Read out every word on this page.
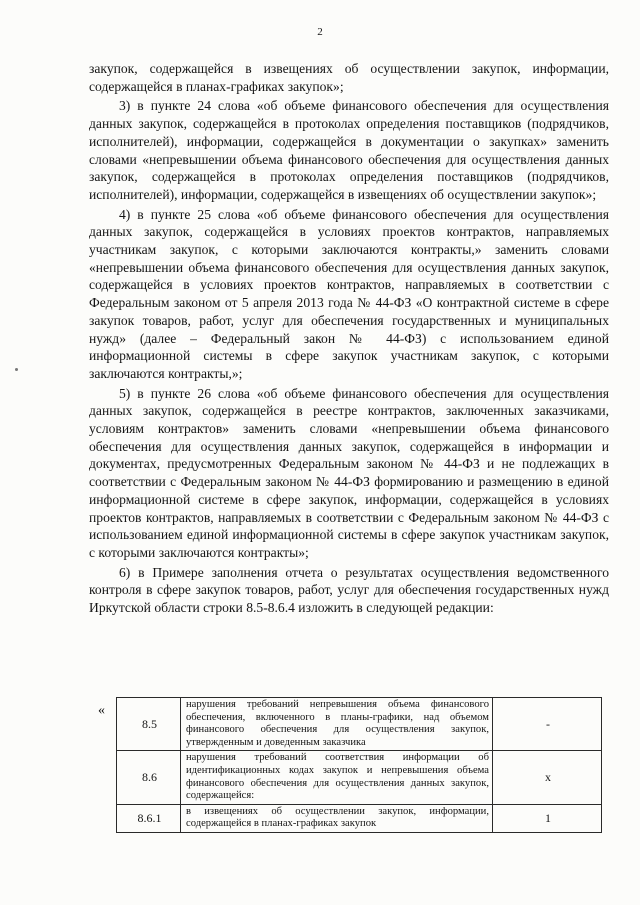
2

закупок, содержащейся в извещениях об осуществлении закупок, информации, содержащейся в планах-графиках закупок»;

3) в пункте 24 слова «об объеме финансового обеспечения для осуществления данных закупок, содержащейся в протоколах определения поставщиков (подрядчиков, исполнителей), информации, содержащейся в документации о закупках» заменить словами «непревышении объема финансового обеспечения для осуществления данных закупок, содержащейся в протоколах определения поставщиков (подрядчиков, исполнителей), информации, содержащейся в извещениях об осуществлении закупок»;

4) в пункте 25 слова «об объеме финансового обеспечения для осуществления данных закупок, содержащейся в условиях проектов контрактов, направляемых участникам закупок, с которыми заключаются контракты,» заменить словами «непревышении объема финансового обеспечения для осуществления данных закупок, содержащейся в условиях проектов контрактов, направляемых в соответствии с Федеральным законом от 5 апреля 2013 года № 44-ФЗ «О контрактной системе в сфере закупок товаров, работ, услуг для обеспечения государственных и муниципальных нужд» (далее – Федеральный закон № 44-ФЗ) с использованием единой информационной системы в сфере закупок участникам закупок, с которыми заключаются контракты,»;

5) в пункте 26 слова «об объеме финансового обеспечения для осуществления данных закупок, содержащейся в реестре контрактов, заключенных заказчиками, условиям контрактов» заменить словами «непревышении объема финансового обеспечения для осуществления данных закупок, содержащейся в информации и документах, предусмотренных Федеральным законом № 44-ФЗ и не подлежащих в соответствии с Федеральным законом № 44-ФЗ формированию и размещению в единой информационной системе в сфере закупок, информации, содержащейся в условиях проектов контрактов, направляемых в соответствии с Федеральным законом № 44-ФЗ с использованием единой информационной системы в сфере закупок участникам закупок, с которыми заключаются контракты»;

6) в Примере заполнения отчета о результатах осуществления ведомственного контроля в сфере закупок товаров, работ, услуг для обеспечения государственных нужд Иркутской области строки 8.5-8.6.4 изложить в следующей редакции:

«
8.5	нарушения требований непревышения объема финансового обеспечения, включенного в планы-графики, над объемом финансового обеспечения для осуществления закупок, утвержденным и доведенным заказчика	-
8.6	нарушения требований соответствия информации об идентификационных кодах закупок и непревышения объема финансового обеспечения для осуществления данных закупок, содержащейся:	x
8.6.1	в извещениях об осуществлении закупок, информации, содержащейся в планах-графиках закупок	1
